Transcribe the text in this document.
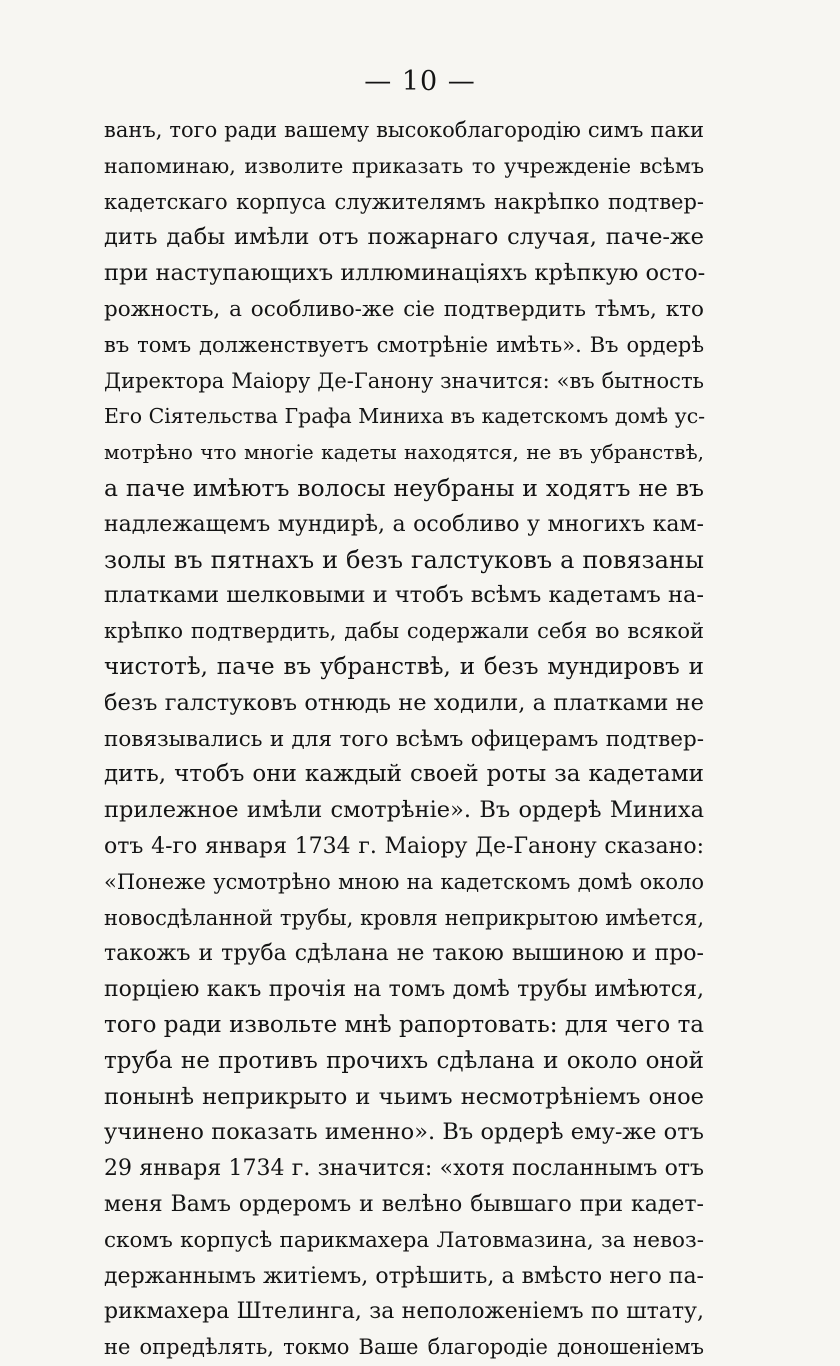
— 10 —
ванъ, того ради вашему высокоблагородію симъ паки
напоминаю, изволите приказать то учрежденіе всѣмъ
кадетскаго корпуса служителямъ накрѣпко подтвер-
дить дабы имѣли отъ пожарнаго случая, паче-же
при наступающихъ иллюминаціяхъ крѣпкую осто-
рожность, а особливо-же сіе подтвердить тѣмъ, кто
въ томъ долженствуетъ смотрѣніе имѣть». Въ ордерѣ
Директора Маіору Де-Ганону значится: «въ бытность
Его Сіятельства Графа Миниха въ кадетскомъ домѣ ус-
мотрѣно что многіе кадеты находятся, не въ убранствѣ,
а паче имѣютъ волосы неубраны и ходятъ не въ
надлежащемъ мундирѣ, а особливо у многихъ кам-
золы въ пятнахъ и безъ галстуковъ а повязаны
платками шелковыми и чтобъ всѣмъ кадетамъ на-
крѣпко подтвердить, дабы содержали себя во всякой
чистотѣ, паче въ убранствѣ, и безъ мундировъ и
безъ галстуковъ отнюдь не ходили, а платками не
повязывались и для того всѣмъ офицерамъ подтвер-
дить, чтобъ они каждый своей роты за кадетами
прилежное имѣли смотрѣніе». Въ ордерѣ Миниха
отъ 4-го января 1734 г. Маіору Де-Ганону сказано:
«Понеже усмотрѣно мною на кадетскомъ домѣ около
новосдѣланной трубы, кровля неприкрытою имѣется,
такожъ и труба сдѣлана не такою вышиною и про-
порціею какъ прочія на томъ домѣ трубы имѣются,
того ради извольте мнѣ рапортовать: для чего та
труба не противъ прочихъ сдѣлана и около оной
понынѣ неприкрыто и чьимъ несмотрѣніемъ оное
учинено показать именно». Въ ордерѣ ему-же отъ
29 января 1734 г. значится: «хотя посланнымъ отъ
меня Вамъ ордеромъ и велѣно бывшаго при кадет-
скомъ корпусѣ парикмахера Латовмазина, за невоз-
держаннымъ житіемъ, отрѣшить, а вмѣсто него па-
рикмахера Штелинга, за неположеніемъ по штату,
не опредѣлять, токмо Ваше благородіе доношеніемъ
